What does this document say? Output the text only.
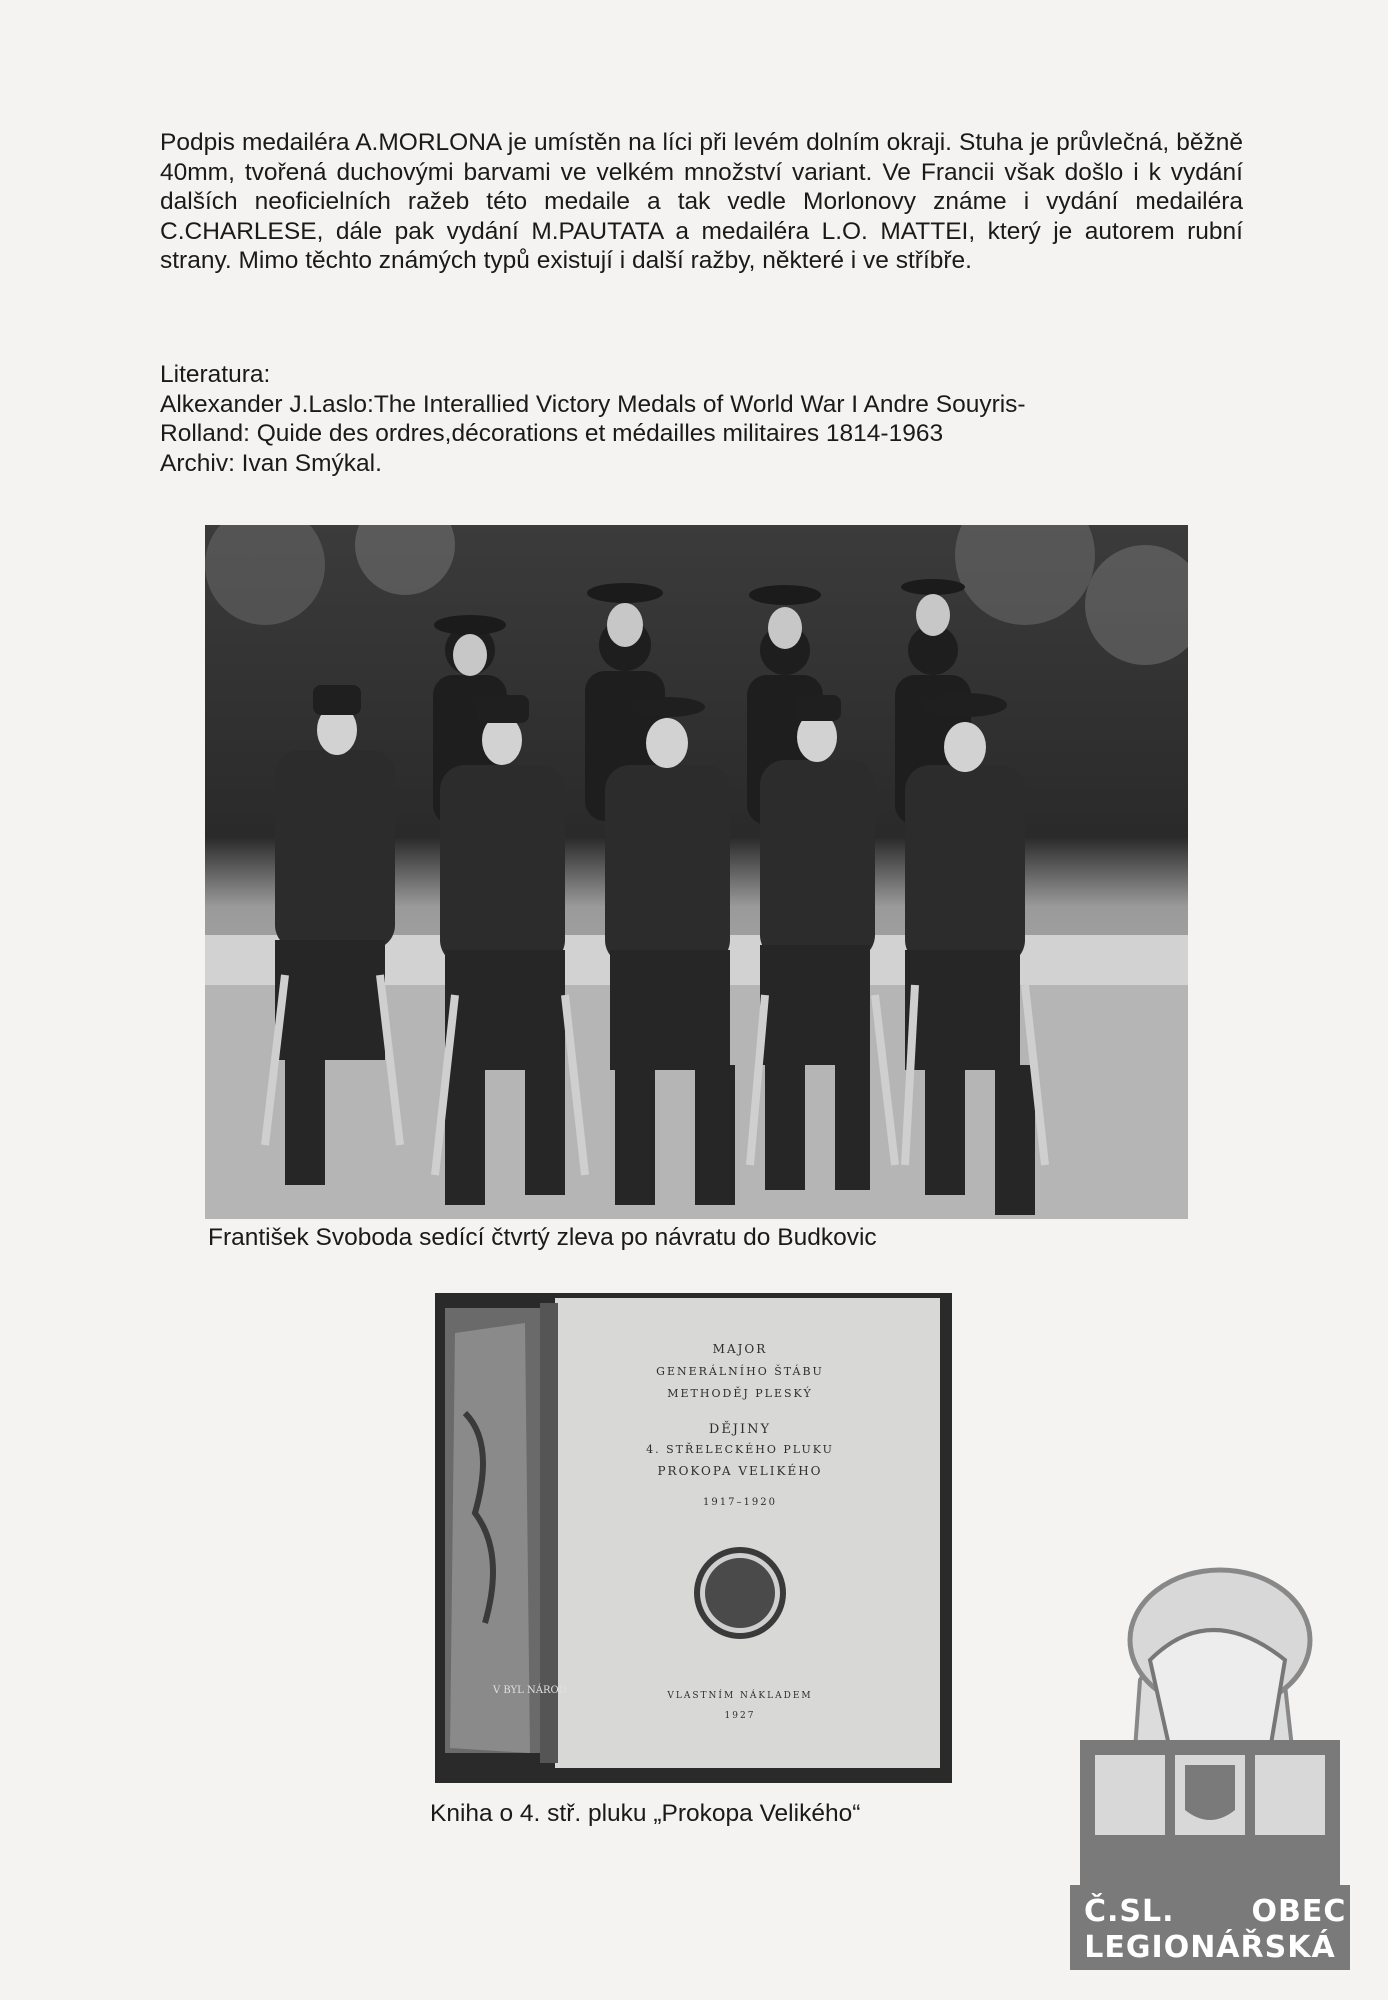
Podpis medailéra A.MORLONA je umístěn na líci při levém dolním okraji. Stuha je průvlečná, běžně 40mm, tvořená duchovými barvami ve velkém množství variant. Ve Francii však došlo i k vydání dalších neoficielních ražeb této medaile a tak vedle Morlonovy známe i vydání medailéra C.CHARLESE, dále pak vydání M.PAUTATA a medailéra L.O. MATTEI, který je autorem rubní strany. Mimo těchto známých typů existují i další ražby, některé i ve stříbře.

Literatura:
Alkexander J.Laslo:The Interallied Victory Medals of World War I Andre Souyris-
Rolland: Quide des ordres,décorations et médailles militaires 1814-1963
Archiv: Ivan Smýkal.
František Svoboda sedící čtvrtý zleva po návratu do Budkovic
MAJOR
GENERÁLNÍHO ŠTÁBU
METHODĚJ PLESKÝ
DĚJINY
4. STŘELECKÉHO PLUKU
PROKOPA VELIKÉHO
1917–1920
VLASTNÍM NÁKLADEM
1927
V BYL NÁROD
Kniha o 4. stř. pluku „Prokopa Velikého“
Č.SL.	OBEC
LEGIONÁŘSKÁ
